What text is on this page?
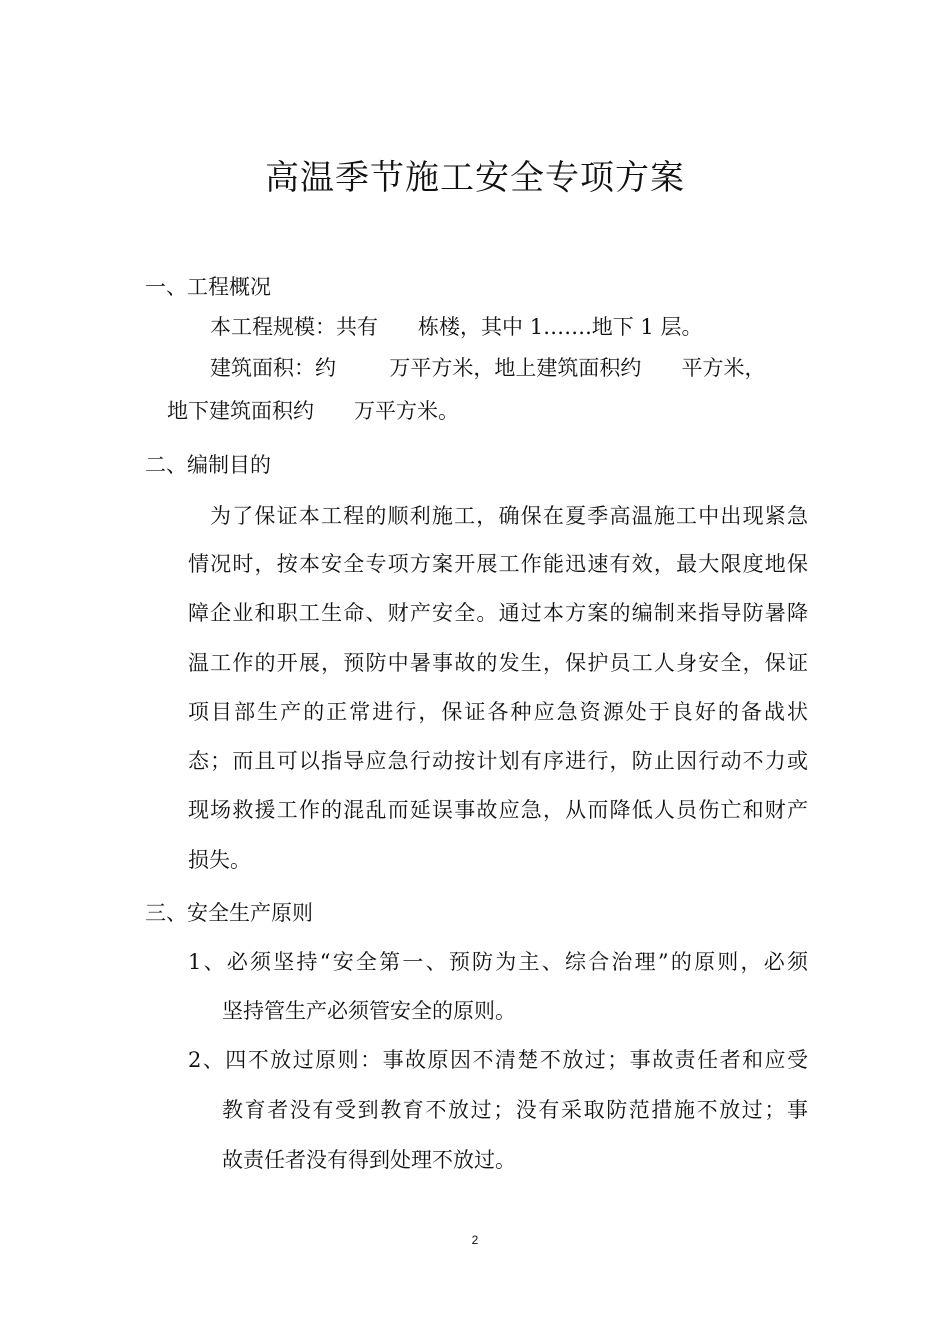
高温季节施工安全专项方案

一、工程概况

本工程规模：共有      栋楼，其中 1…….地下 1 层。

建筑面积：约        万平方米，地上建筑面积约      平方米，

地下建筑面积约      万平方米。

二、编制目的

为了保证本工程的顺利施工，确保在夏季高温施工中出现紧急

情况时，按本安全专项方案开展工作能迅速有效，最大限度地保

障企业和职工生命、财产安全。通过本方案的编制来指导防暑降

温工作的开展，预防中暑事故的发生，保护员工人身安全，保证

项目部生产的正常进行，保证各种应急资源处于良好的备战状

态；而且可以指导应急行动按计划有序进行，防止因行动不力或

现场救援工作的混乱而延误事故应急，从而降低人员伤亡和财产

损失。

三、安全生产原则

1、必须坚持“安全第一、预防为主、综合治理”的原则，必须

坚持管生产必须管安全的原则。

2、四不放过原则：事故原因不清楚不放过；事故责任者和应受

教育者没有受到教育不放过；没有采取防范措施不放过；事

故责任者没有得到处理不放过。

2
